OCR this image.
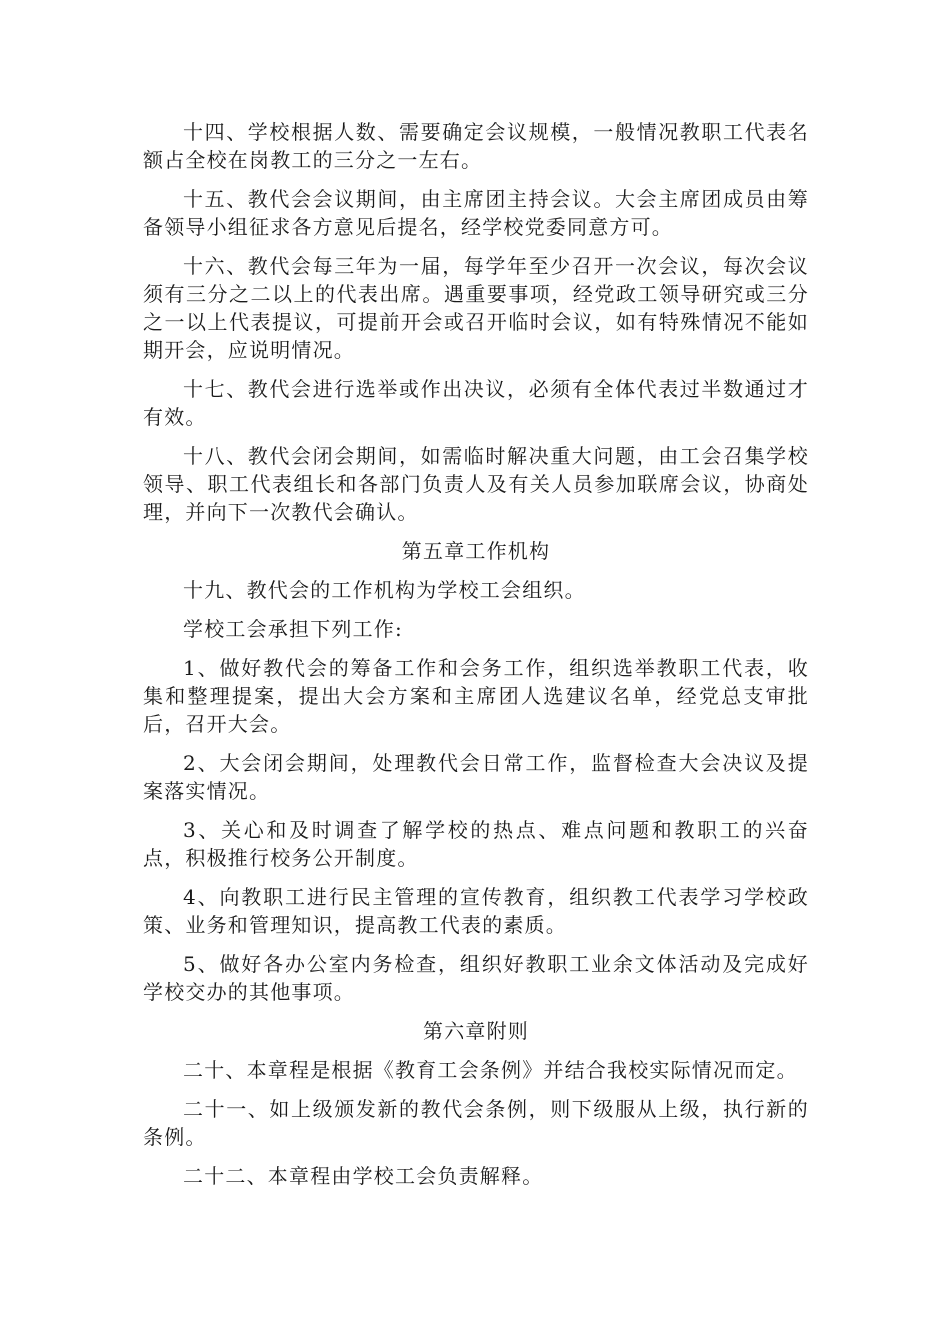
十四、学校根据人数、需要确定会议规模，一般情况教职工代表名额占全校在岗教工的三分之一左右。

十五、教代会会议期间，由主席团主持会议。大会主席团成员由筹备领导小组征求各方意见后提名，经学校党委同意方可。

十六、教代会每三年为一届，每学年至少召开一次会议，每次会议须有三分之二以上的代表出席。遇重要事项，经党政工领导研究或三分之一以上代表提议，可提前开会或召开临时会议，如有特殊情况不能如期开会，应说明情况。

十七、教代会进行选举或作出决议，必须有全体代表过半数通过才有效。

十八、教代会闭会期间，如需临时解决重大问题，由工会召集学校领导、职工代表组长和各部门负责人及有关人员参加联席会议，协商处理，并向下一次教代会确认。

第五章工作机构

十九、教代会的工作机构为学校工会组织。

学校工会承担下列工作:

1、做好教代会的筹备工作和会务工作，组织选举教职工代表，收集和整理提案，提出大会方案和主席团人选建议名单，经党总支审批后，召开大会。

2、大会闭会期间，处理教代会日常工作，监督检查大会决议及提案落实情况。

3、关心和及时调查了解学校的热点、难点问题和教职工的兴奋点，积极推行校务公开制度。

4、向教职工进行民主管理的宣传教育，组织教工代表学习学校政策、业务和管理知识，提高教工代表的素质。

5、做好各办公室内务检查，组织好教职工业余文体活动及完成好学校交办的其他事项。

第六章附则

二十、本章程是根据《教育工会条例》并结合我校实际情况而定。

二十一、如上级颁发新的教代会条例，则下级服从上级，执行新的条例。

二十二、本章程由学校工会负责解释。
